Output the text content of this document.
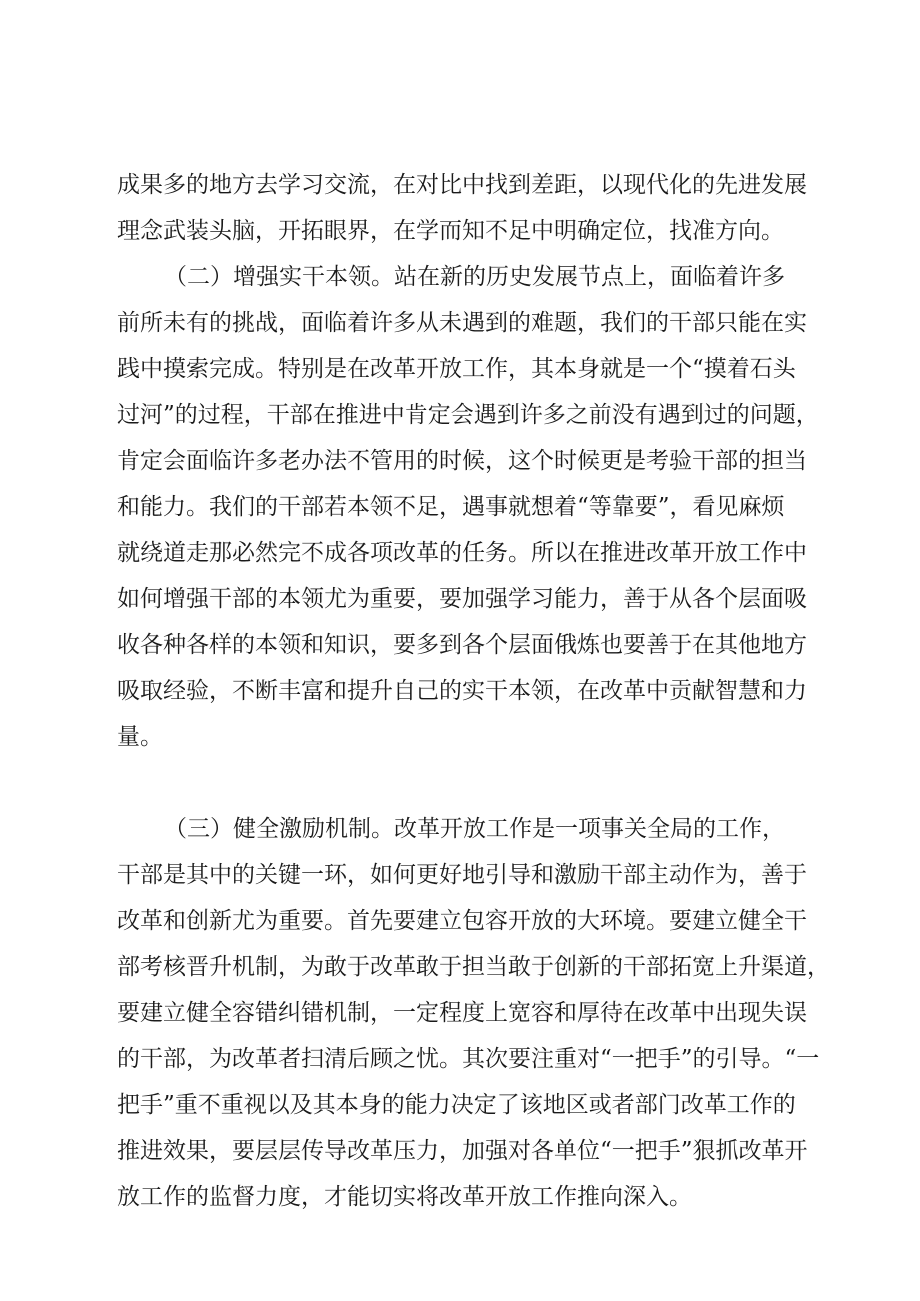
成果多的地方去学习交流，在对比中找到差距，以现代化的先进发展
理念武装头脑，开拓眼界，在学而知不足中明确定位，找准方向。
（二）增强实干本领。站在新的历史发展节点上，面临着许多
前所未有的挑战，面临着许多从未遇到的难题，我们的干部只能在实
践中摸索完成。特别是在改革开放工作，其本身就是一个“摸着石头
过河”的过程，干部在推进中肯定会遇到许多之前没有遇到过的问题，
肯定会面临许多老办法不管用的时候，这个时候更是考验干部的担当
和能力。我们的干部若本领不足，遇事就想着“等靠要”，看见麻烦
就绕道走那必然完不成各项改革的任务。所以在推进改革开放工作中
如何增强干部的本领尤为重要，要加强学习能力，善于从各个层面吸
收各种各样的本领和知识，要多到各个层面俄炼也要善于在其他地方
吸取经验，不断丰富和提升自己的实干本领，在改革中贡献智慧和力
量。
（三）健全激励机制。改革开放工作是一项事关全局的工作，
干部是其中的关键一环，如何更好地引导和激励干部主动作为，善于
改革和创新尤为重要。首先要建立包容开放的大环境。要建立健全干
部考核晋升机制，为敢于改革敢于担当敢于创新的干部拓宽上升渠道，
要建立健全容错纠错机制，一定程度上宽容和厚待在改革中出现失误
的干部，为改革者扫清后顾之忧。其次要注重对“一把手”的引导。“一
把手”重不重视以及其本身的能力决定了该地区或者部门改革工作的
推进效果，要层层传导改革压力，加强对各单位“一把手”狠抓改革开
放工作的监督力度，才能切实将改革开放工作推向深入。
